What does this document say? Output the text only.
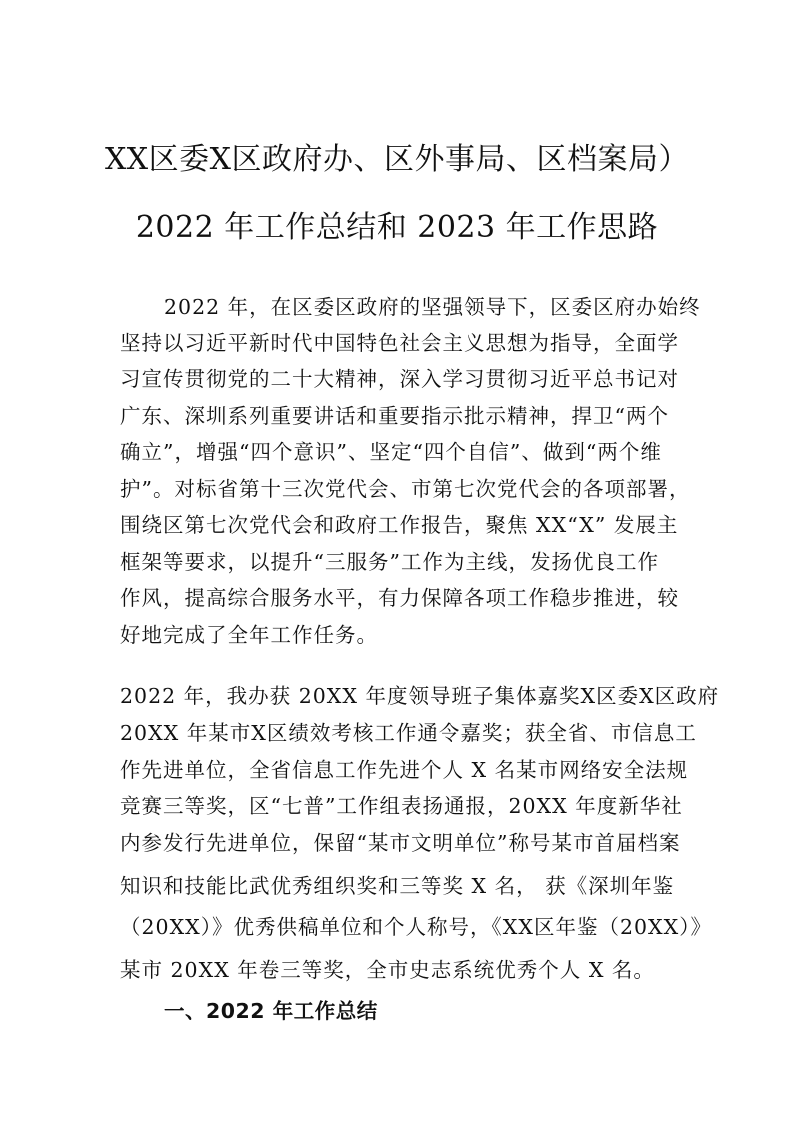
XX区委X区政府办、区外事局、区档案局）
2022 年工作总结和 2023 年工作思路
2022 年，在区委区政府的坚强领导下，区委区府办始终
坚持以习近平新时代中国特色社会主义思想为指导，全面学
习宣传贯彻党的二十大精神，深入学习贯彻习近平总书记对
广东、深圳系列重要讲话和重要指示批示精神，捍卫“两个
确立”，增强“四个意识”、坚定“四个自信”、做到“两个维
护”。对标省第十三次党代会、市第七次党代会的各项部署，
围绕区第七次党代会和政府工作报告，聚焦 XX“X” 发展主
框架等要求，以提升“三服务”工作为主线，发扬优良工作
作风，提高综合服务水平，有力保障各项工作稳步推进，较
好地完成了全年工作任务。
2022 年，我办获 20XX 年度领导班子集体嘉奖X区委X区政府
20XX 年某市X区绩效考核工作通令嘉奖；获全省、市信息工
作先进单位，全省信息工作先进个人 X 名某市网络安全法规
竞赛三等奖，区“七普”工作组表扬通报，20XX 年度新华社
内参发行先进单位，保留“某市文明单位”称号某市首届档案
知识和技能比武优秀组织奖和三等奖 X 名， 获《深圳年鉴
（20XX）》优秀供稿单位和个人称号，《XX区年鉴（20XX）》
某市 20XX 年卷三等奖，全市史志系统优秀个人 X 名。
一、2022 年工作总结
